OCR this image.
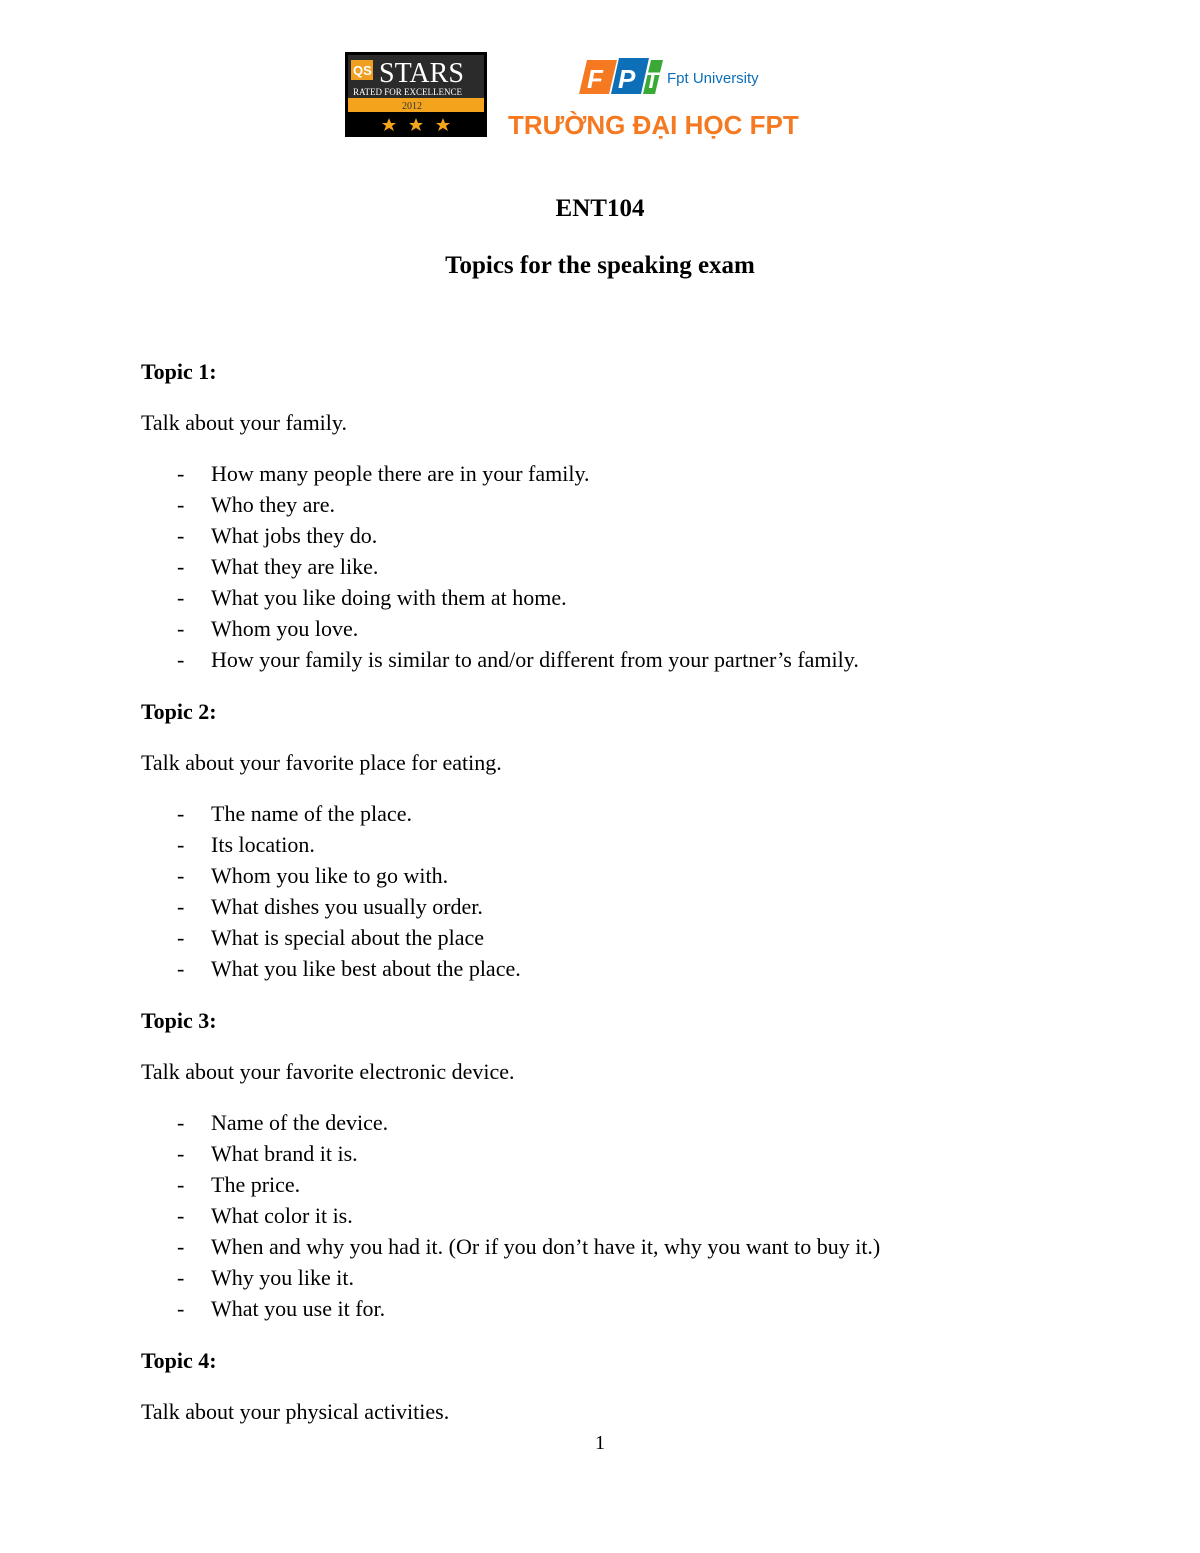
QS STARS
RATED FOR EXCELLENCE
2012
F P T Fpt University
TRƯỜNG ĐẠI HỌC FPT
ENT104
Topics for the speaking exam

Topic 1:

Talk about your family.

- How many people there are in your family.
- Who they are.
- What jobs they do.
- What they are like.
- What you like doing with them at home.
- Whom you love.
- How your family is similar to and/or different from your partner’s family.

Topic 2:

Talk about your favorite place for eating.

- The name of the place.
- Its location.
- Whom you like to go with.
- What dishes you usually order.
- What is special about the place
- What you like best about the place.

Topic 3:

Talk about your favorite electronic device.

- Name of the device.
- What brand it is.
- The price.
- What color it is.
- When and why you had it. (Or if you don’t have it, why you want to buy it.)
- Why you like it.
- What you use it for.

Topic 4:

Talk about your physical activities.

1
